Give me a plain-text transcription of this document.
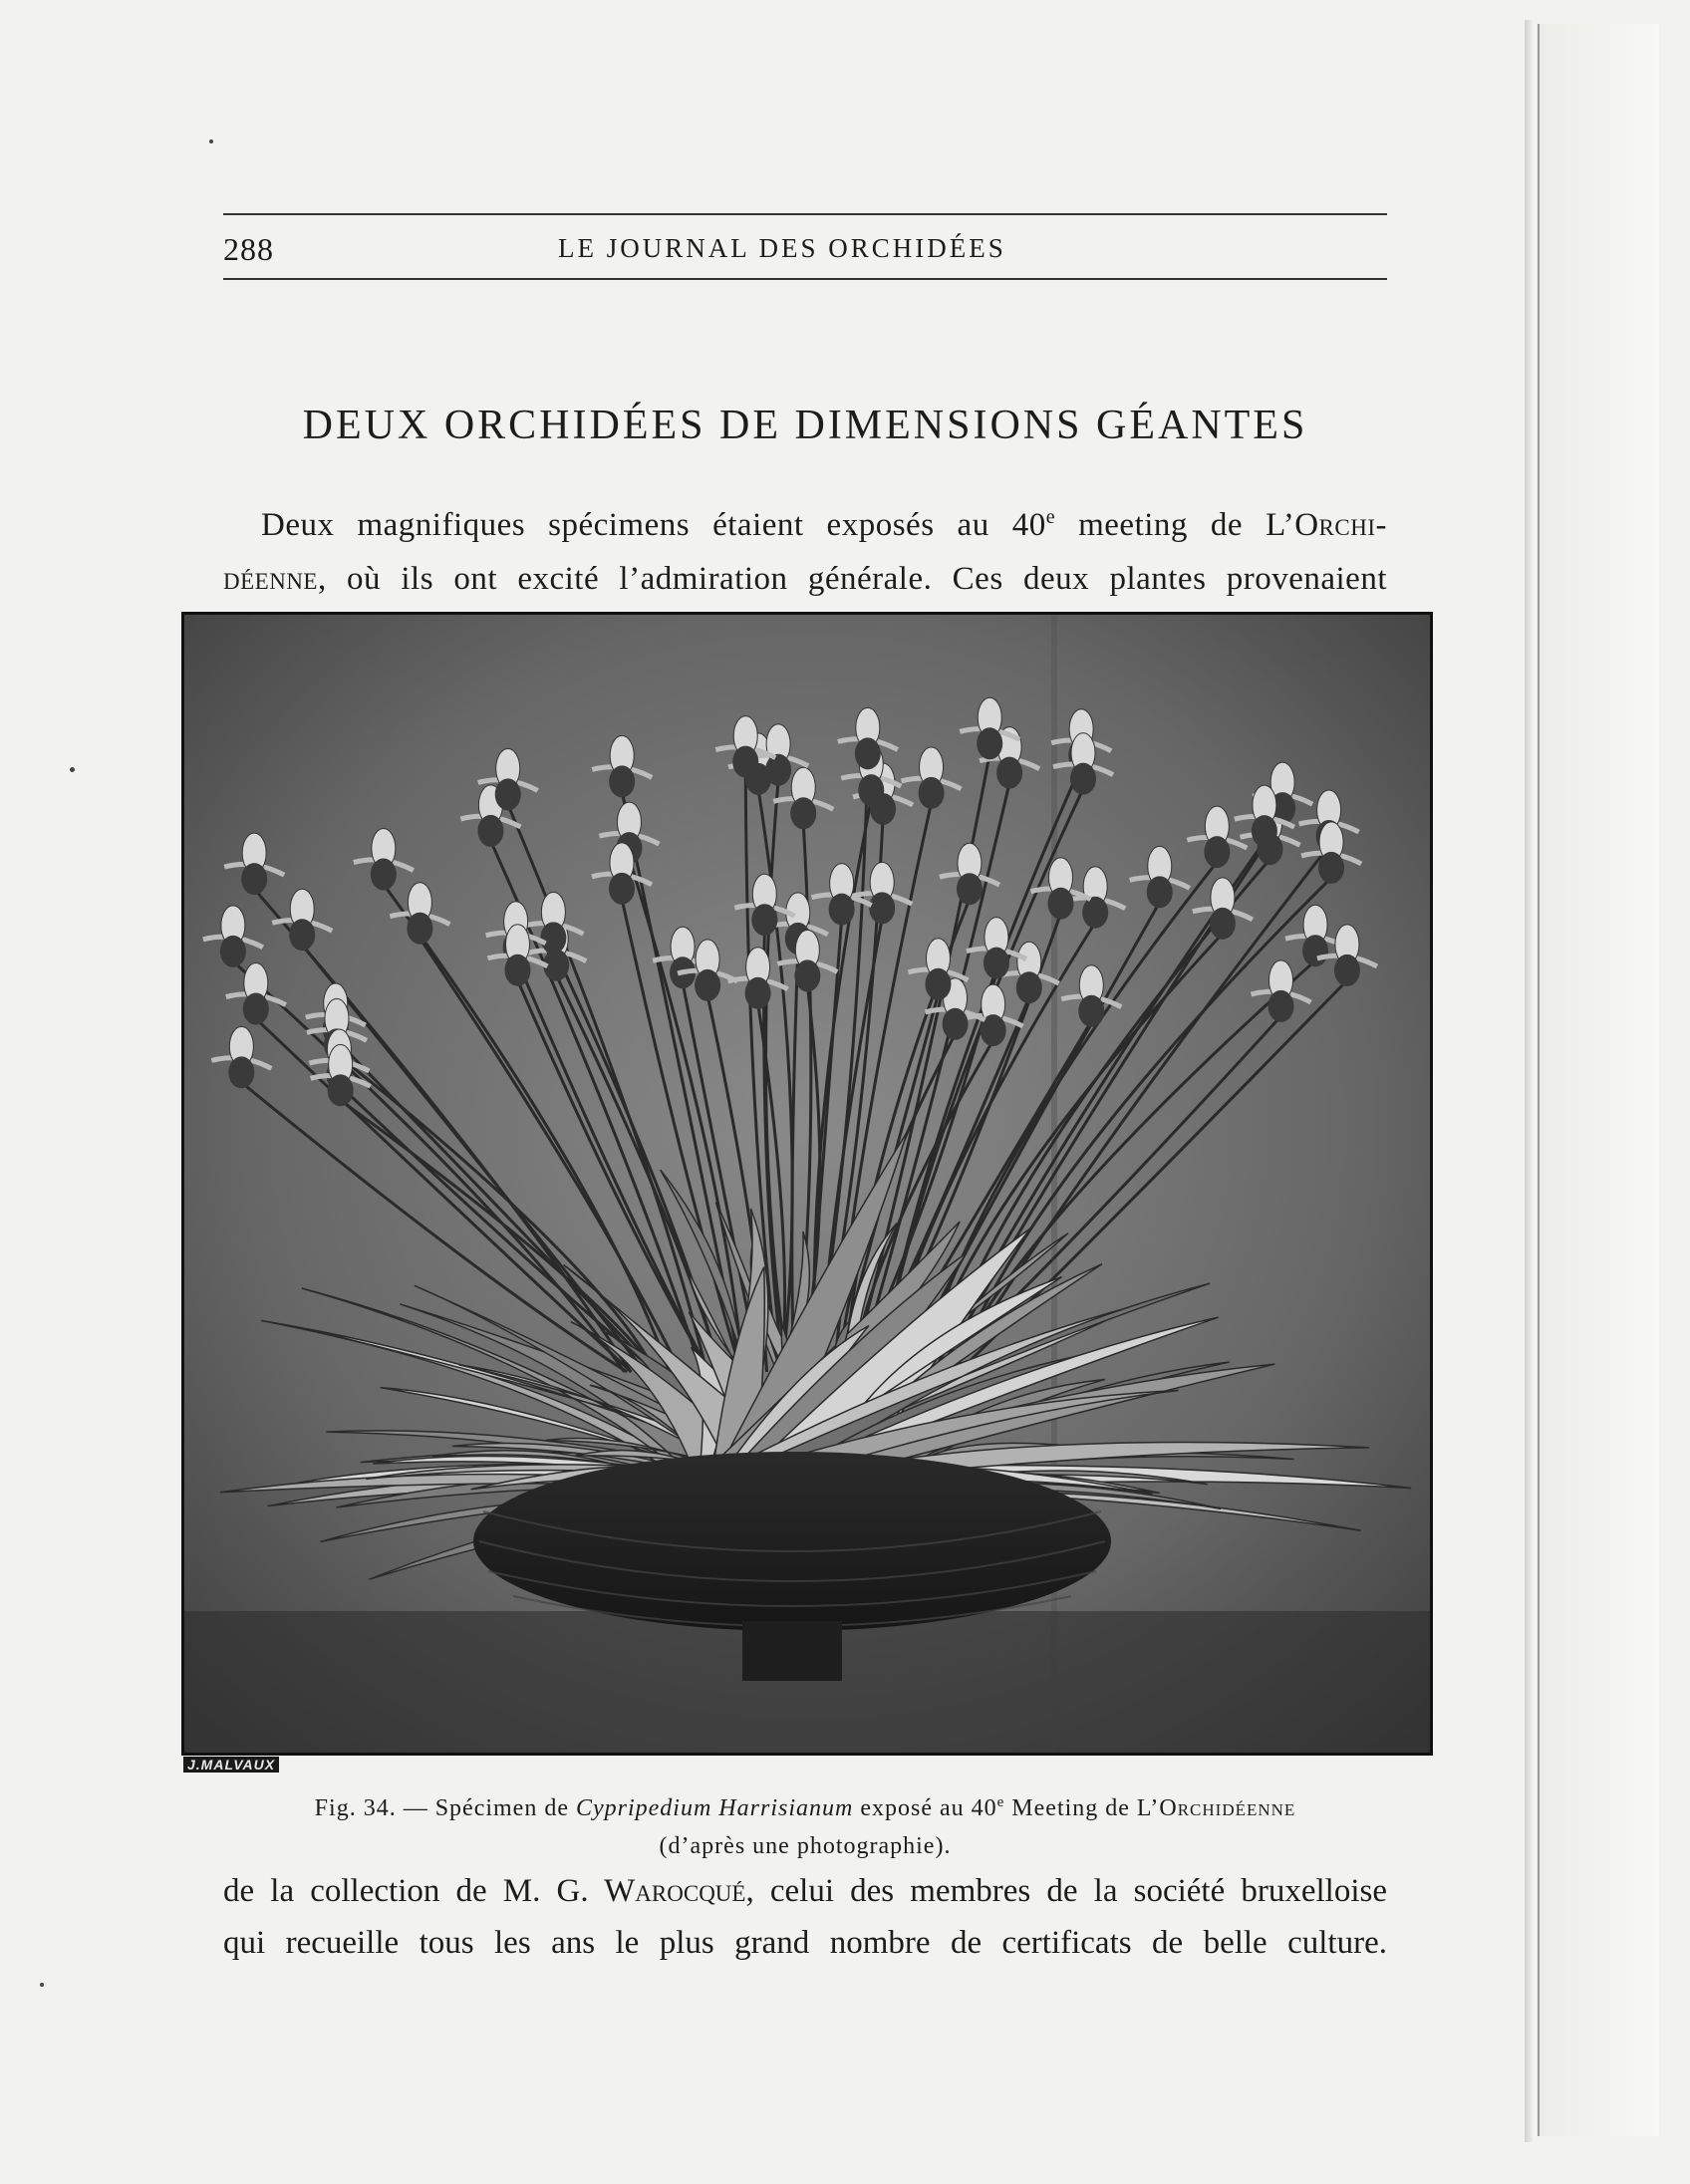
288	LE JOURNAL DES ORCHIDÉES
DEUX ORCHIDÉES DE DIMENSIONS GÉANTES
Deux magnifiques spécimens étaient exposés au 40e meeting de L’Orchi-
déenne, où ils ont excité l’admiration générale. Ces deux plantes provenaient
J.MALVAUX
Fig. 34. — Spécimen de Cypripedium Harrisianum exposé au 40e Meeting de L’Orchidéenne
(d’après une photographie).
de la collection de M. G. Warocqué, celui des membres de la société bruxelloise
qui recueille tous les ans le plus grand nombre de certificats de belle culture.
